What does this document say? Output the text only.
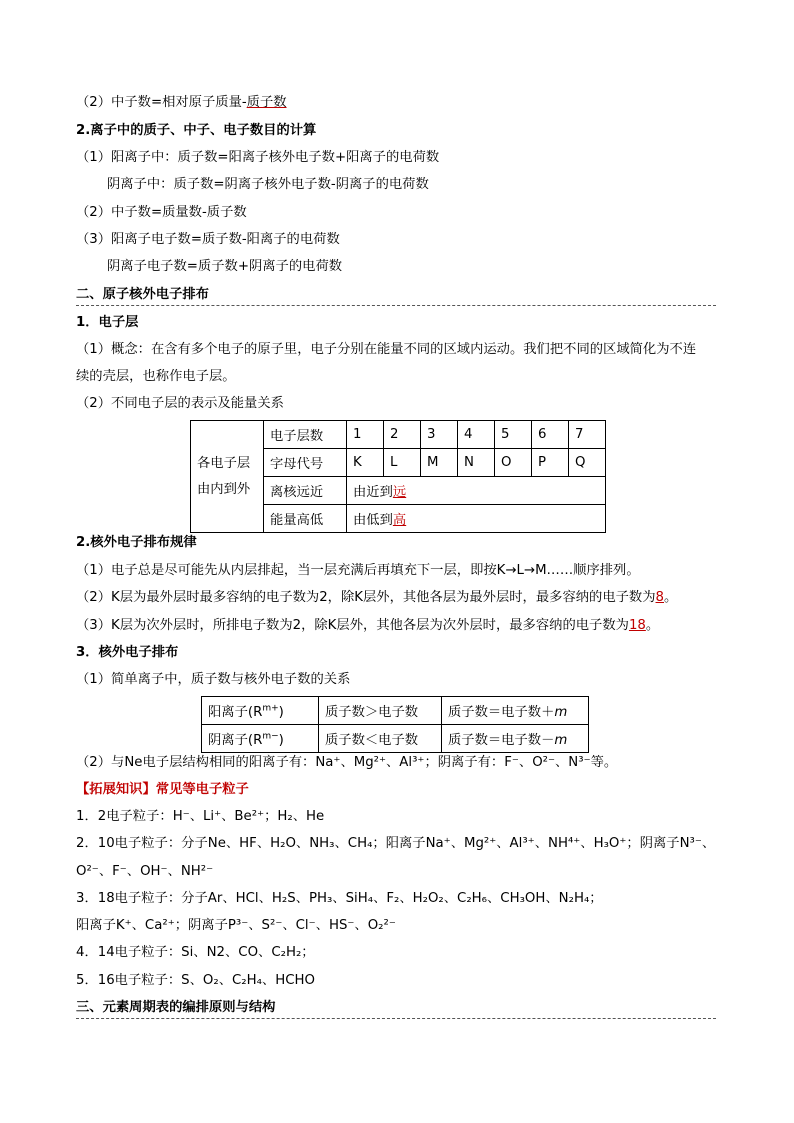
（2）中子数=相对原子质量-质子数
2.离子中的质子、中子、电子数目的计算
（1）阳离子中：质子数=阳离子核外电子数+阳离子的电荷数
阴离子中：质子数=阴离子核外电子数-阴离子的电荷数
（2）中子数=质量数-质子数
（3）阳离子电子数=质子数-阳离子的电荷数
阴离子电子数=质子数+阴离子的电荷数
二、原子核外电子排布
1．电子层
（1）概念：在含有多个电子的原子里，电子分别在能量不同的区域内运动。我们把不同的区域简化为不连
续的壳层，也称作电子层。
（2）不同电子层的表示及能量关系
各电子层由内到外	电子层数	1	2	3	4	5	6	7
	字母代号	K	L	M	N	O	P	Q
	离核远近	由近到远						
	能量高低	由低到高						
2.核外电子排布规律
（1）电子总是尽可能先从内层排起，当一层充满后再填充下一层，即按K→L→M……顺序排列。
（2）K层为最外层时最多容纳的电子数为2，除K层外，其他各层为最外层时，最多容纳的电子数为8。
（3）K层为次外层时，所排电子数为2，除K层外，其他各层为次外层时，最多容纳的电子数为18。
3．核外电子排布
（1）简单离子中，质子数与核外电子数的关系
阳离子$(R^{m+})$	质子数＞电子数	质子数＝电子数＋m
阴离子$(R^{m-})$	质子数＜电子数	质子数＝电子数－m
（2）与Ne电子层结构相同的阳离子有：Na⁺、Mg²⁺、Al³⁺；阴离子有：F⁻、O²⁻、N³⁻等。
【拓展知识】常见等电子粒子
1．2电子粒子：H⁻、Li⁺、Be²⁺；H₂、He
2．10电子粒子：分子Ne、HF、H₂O、NH₃、CH₄；阳离子Na⁺、Mg²⁺、Al³⁺、NH⁴⁺、H₃O⁺；阴离子N³⁻、
O²⁻、F⁻、OH⁻、NH²⁻
3．18电子粒子：分子Ar、HCl、H₂S、PH₃、SiH₄、F₂、H₂O₂、C₂H₆、CH₃OH、N₂H₄；
阳离子K⁺、Ca²⁺；阴离子P³⁻、S²⁻、Cl⁻、HS⁻、O₂²⁻
4．14电子粒子：Si、N2、CO、C₂H₂；
5．16电子粒子：S、O₂、C₂H₄、HCHO
三、元素周期表的编排原则与结构
